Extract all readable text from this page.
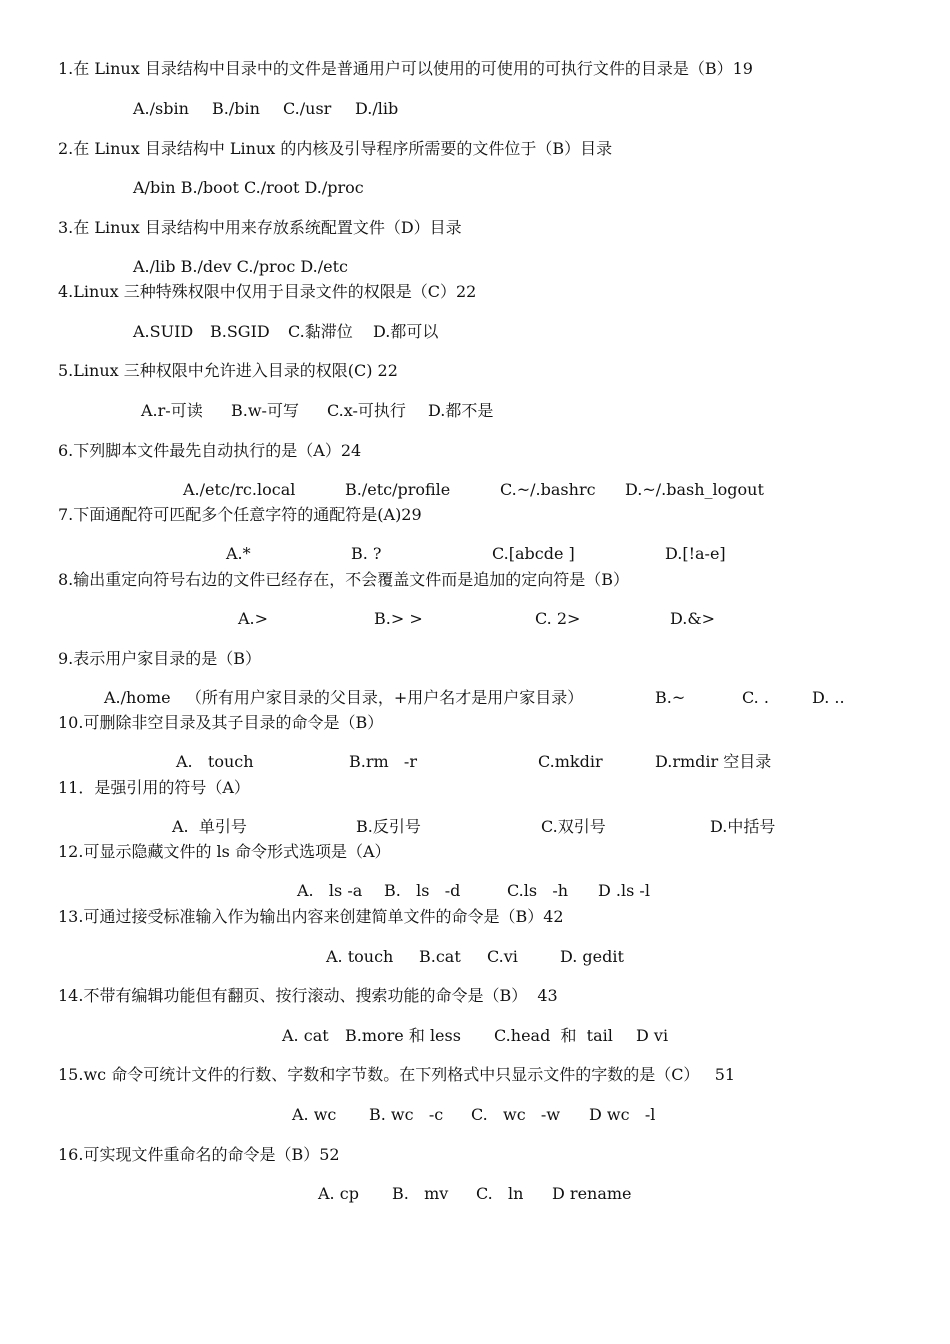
1.在 Linux 目录结构中目录中的文件是普通用户可以使用的可使用的可执行文件的目录是（B）19
A./sbin B./bin C./usr D./lib
2.在 Linux 目录结构中 Linux 的内核及引导程序所需要的文件位于（B）目录
A/bin B./boot C./root D./proc
3.在 Linux 目录结构中用来存放系统配置文件（D）目录
A./lib B./dev C./proc D./etc
4.Linux 三种特殊权限中仅用于目录文件的权限是（C）22
A.SUID B.SGID C.黏滞位 D.都可以
5.Linux 三种权限中允许进入目录的权限(C) 22
A.r-可读 B.w-可写 C.x-可执行 D.都不是
6.下列脚本文件最先自动执行的是（A）24
A./etc/rc.local	B./etc/profile	C.~/.bashrc D.~/.bash_logout
7.下面通配符可匹配多个任意字符的通配符是(A)29
A.*	B. ?	C.[abcde ]	D.[!a-e]
8.输出重定向符号右边的文件已经存在，不会覆盖文件而是追加的定向符是（B）
A.>	B.> >	C. 2>	D.&>
9.表示用户家目录的是（B）
A./home   （所有用户家目录的父目录，+用户名才是用户家目录）	B.~	C. .	D. ..
10.可删除非空目录及其子目录的命令是（B）
A.   touch	B.rm   -r	C.mkdir	D.rmdir 空目录
11．是强引用的符号（A）
A.  单引号	B.反引号	C.双引号	D.中括号
12.可显示隐藏文件的 ls 命令形式选项是（A）
A.   ls -a B.   ls   -d	C.ls   -h D .ls -l
13.可通过接受标准输入作为输出内容来创建简单文件的命令是（B）42
A. touch B.cat C.vi	D. gedit
14.不带有编辑功能但有翻页、按行滚动、搜索功能的命令是（B）  43
A. cat B.more 和 less C.head  和  tail D vi
15.wc 命令可统计文件的行数、字数和字节数。在下列格式中只显示文件的字数的是（C）   51
A. wc B. wc   -c C.   wc   -w D wc   -l
16.可实现文件重命名的命令是（B）52
A. cp B.   mv C.   ln D rename
